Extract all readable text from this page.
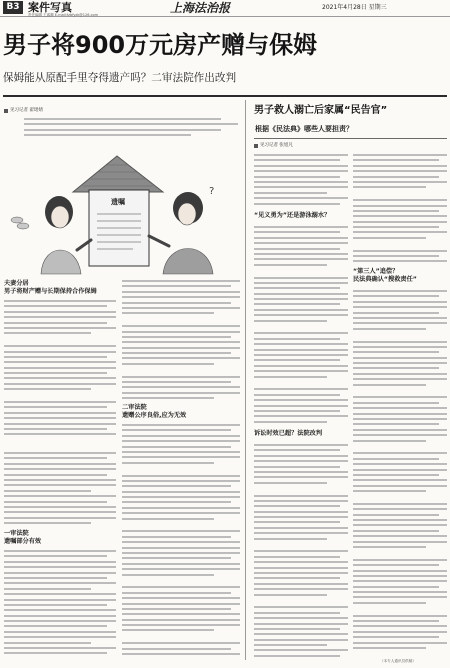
B3 案件写真
责任编辑 王睿卿 E-mail:fzbfyzk@126.com	上海法治报	2021年4月28日 星期三
男子将900万元房产赠与保姆
保姆能从原配手里夺得遗产吗？二审法院作出改判
见习记者 翟珺婧
遗嘱
?
夫妻分居
男子将财产赠与长期保持合作保姆
一审法院
遗嘱部分有效
二审法院
遗赠公序良俗,应为无效
男子救人溺亡后家属“民告官”
根据《民法典》哪些人要担责？
见习记者 张旭凡
“见义勇为”还是游泳溺水？
诉讼时效已超？法院改判
“第三人”追偿？
民法典确认“搜救责任”
（本专人通讯员供稿）
